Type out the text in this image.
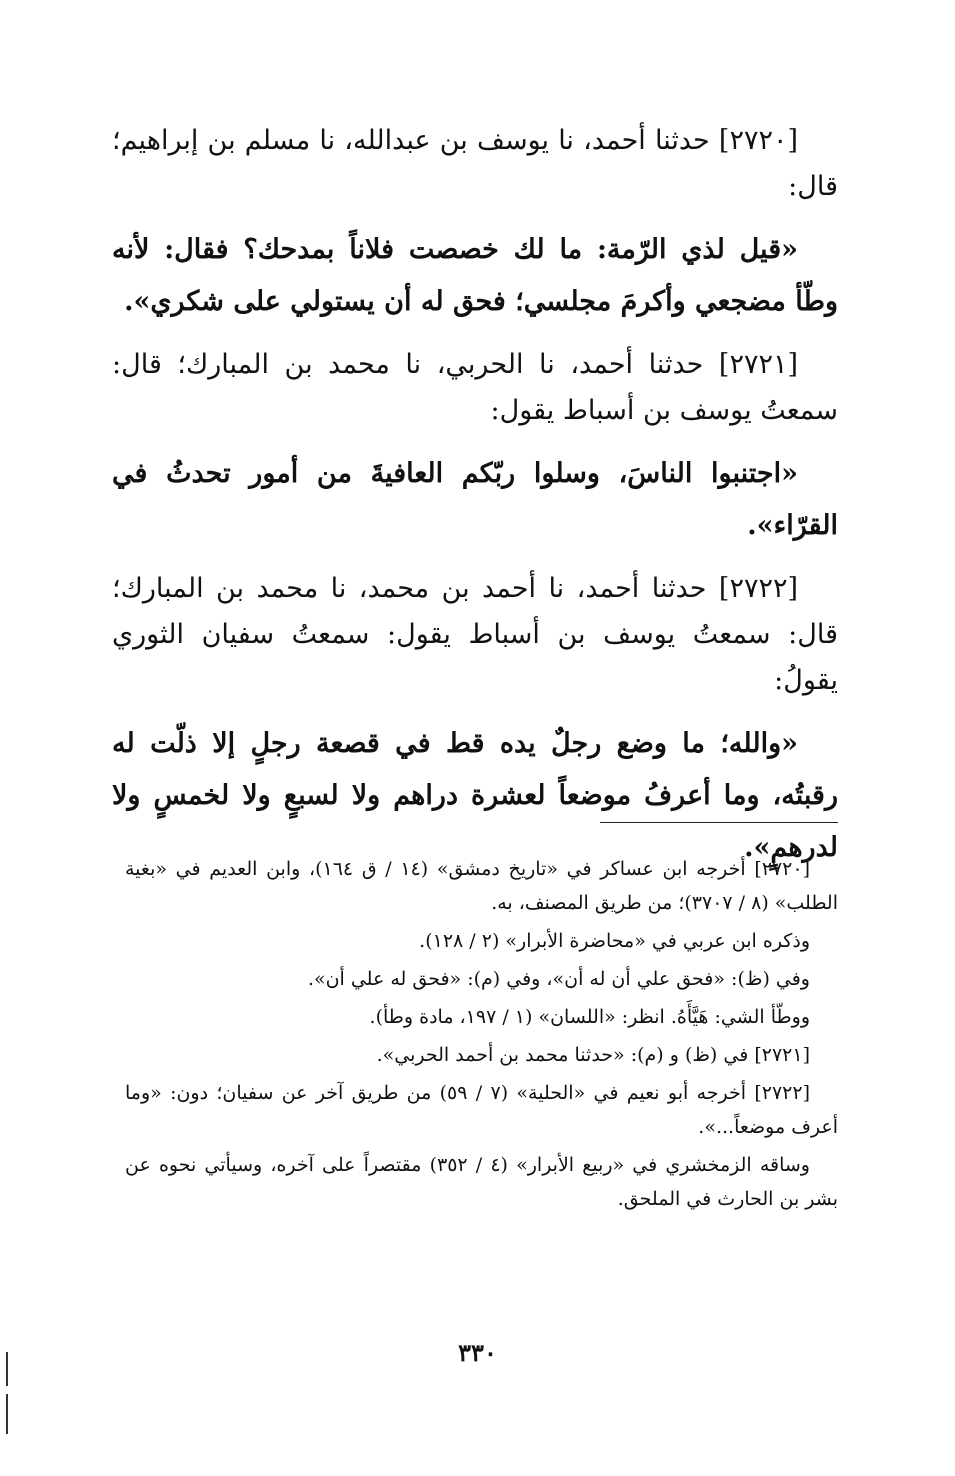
[٢٧٢٠] حدثنا أحمد، نا يوسف بن عبدالله، نا مسلم بن إبراهيم؛ قال:

«قيل لذي الرّمة: ما لك خصصت فلاناً بمدحك؟ فقال: لأنه وطّأ مضجعي وأكرمَ مجلسي؛ فحق له أن يستولي على شكري».

[٢٧٢١] حدثنا أحمد، نا الحربي، نا محمد بن المبارك؛ قال: سمعتُ يوسف بن أسباط يقول:

«اجتنبوا الناسَ، وسلوا ربّكم العافيةَ من أمور تحدثُ في القرّاء».

[٢٧٢٢] حدثنا أحمد، نا أحمد بن محمد، نا محمد بن المبارك؛ قال: سمعتُ يوسف بن أسباط يقول: سمعتُ سفيان الثوري يقولُ:

«والله؛ ما وضع رجلٌ يده قط في قصعة رجلٍ إلا ذلّت له رقبتُه، وما أعرفُ موضعاً لعشرة دراهم ولا لسبعٍ ولا لخمسٍ ولا لدرهمٍ».

[٢٧٢٠] أخرجه ابن عساكر في «تاريخ دمشق» (١٤ / ق ١٦٤)، وابن العديم في «بغية الطلب» (٨ / ٣٧٠٧)؛ من طريق المصنف، به.

وذكره ابن عربي في «محاضرة الأبرار» (٢ / ١٢٨).

وفي (ظ): «فحق علي أن له أن»، وفي (م): «فحق له علي أن».

ووطّأ الشي: هَيَّأَهُ. انظر: «اللسان» (١ / ١٩٧، مادة وطأ).

[٢٧٢١] في (ظ) و (م): «حدثنا محمد بن أحمد الحربي».

[٢٧٢٢] أخرجه أبو نعيم في «الحلية» (٧ / ٥٩) من طريق آخر عن سفيان؛ دون: «وما أعرف موضعاً...».

وساقه الزمخشري في «ربيع الأبرار» (٤ / ٣٥٢) مقتصراً على آخره، وسيأتي نحوه عن بشر بن الحارث في الملحق.

٣٣٠
